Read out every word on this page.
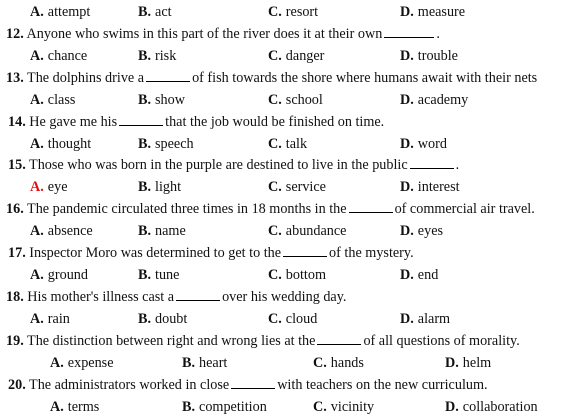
A. attempt	B. act	C. resort	D. measure
12. Anyone who swims in this part of the river does it at their own	.
A. chance	B. risk	C. danger	D. trouble
13. The dolphins drive a	of fish towards the shore where humans await with their nets
A. class	B. show	C. school	D. academy
14. He gave me his	that the job would be finished on time.
A. thought	B. speech	C. talk	D. word
15. Those who was born in the purple are destined to live in the public	.
A. eye	B. light	C. service	D. interest
16. The pandemic circulated three times in 18 months in the	of commercial air travel.
A. absence	B. name	C. abundance	D. eyes
17. Inspector Moro was determined to get to the	of the mystery.
A. ground	B. tune	C. bottom	D. end
18. His mother's illness cast a	over his wedding day.
A. rain	B. doubt	C. cloud	D. alarm
19. The distinction between right and wrong lies at the	of all questions of morality.
A. expense	B. heart	C. hands	D. helm
20. The administrators worked in close	with teachers on the new curriculum.
A. terms	B. competition	C. vicinity	D. collaboration
